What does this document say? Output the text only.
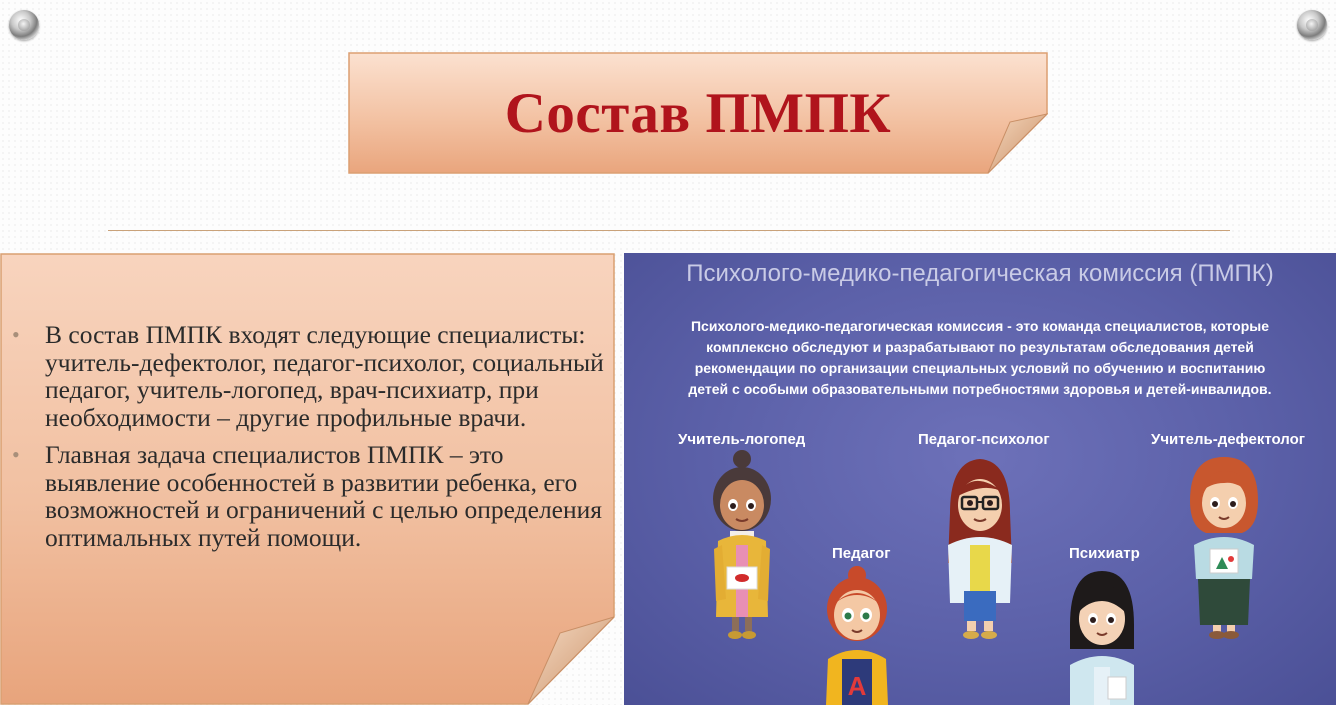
Состав ПМПК
• В состав ПМПК входят следующие специалисты: учитель-дефектолог, педагог-психолог, социальный педагог, учитель-логопед, врач-психиатр, при необходимости – другие профильные врачи.
• Главная задача специалистов ПМПК – это выявление особенностей в развитии ребенка, его возможностей и ограничений с целью определения оптимальных путей помощи.
Психолого-медико-педагогическая комиссия (ПМПК)
Психолого-медико-педагогическая комиссия - это команда специалистов, которые
комплексно обследуют и разрабатывают по результатам обследования детей
рекомендации по организации специальных условий по обучению и воспитанию
детей с особыми образовательными потребностями здоровья и детей-инвалидов.
Учитель-логопед
Педагог
Педагог-психолог
Психиатр
Учитель-дефектолог
А
